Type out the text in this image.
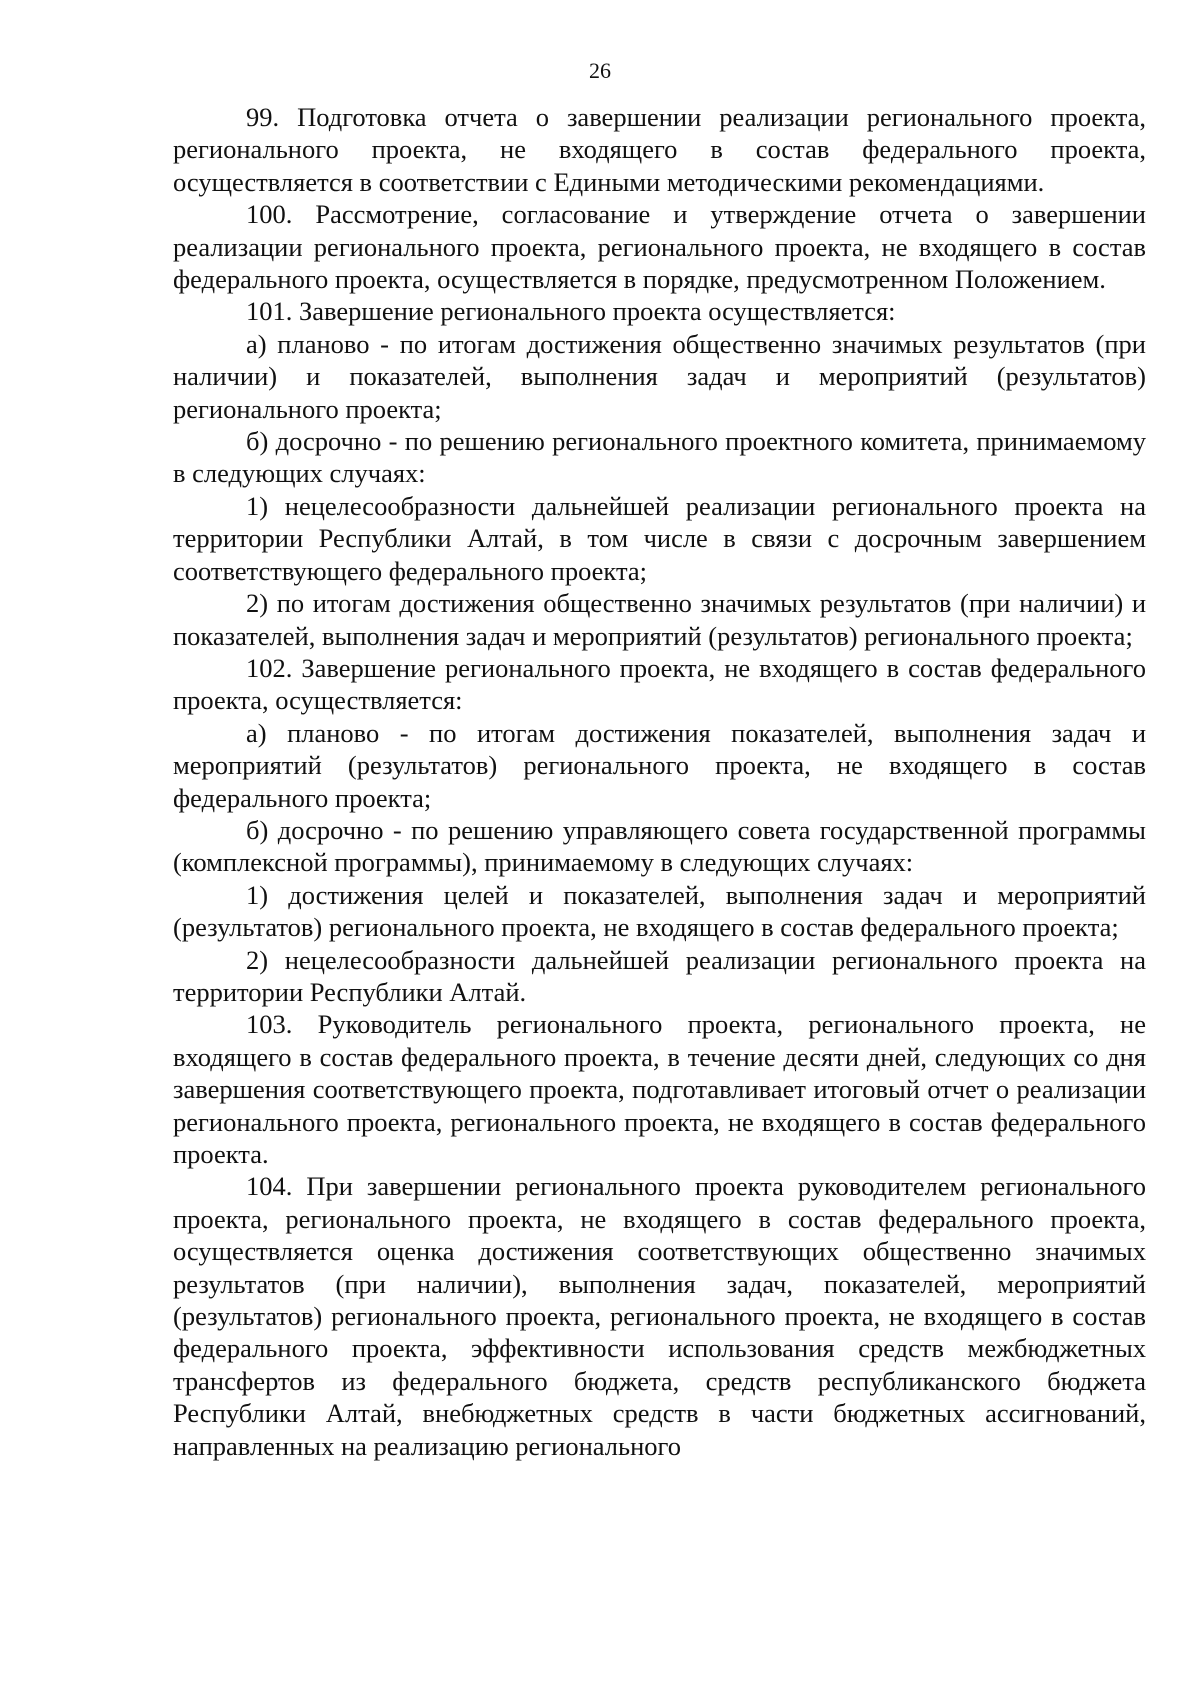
26

99. Подготовка отчета о завершении реализации регионального проекта, регионального проекта, не входящего в состав федерального проекта, осуществляется в соответствии с Едиными методическими рекомендациями.

100. Рассмотрение, согласование и утверждение отчета о завершении реализации регионального проекта, регионального проекта, не входящего в состав федерального проекта, осуществляется в порядке, предусмотренном Положением.

101. Завершение регионального проекта осуществляется:

а) планово - по итогам достижения общественно значимых результатов (при наличии) и показателей, выполнения задач и мероприятий (результатов) регионального проекта;

б) досрочно - по решению регионального проектного комитета, принимаемому в следующих случаях:

1) нецелесообразности дальнейшей реализации регионального проекта на территории Республики Алтай, в том числе в связи с досрочным завершением соответствующего федерального проекта;

2) по итогам достижения общественно значимых результатов (при наличии) и показателей, выполнения задач и мероприятий (результатов) регионального проекта;

102. Завершение регионального проекта, не входящего в состав федерального проекта, осуществляется:

а) планово - по итогам достижения показателей, выполнения задач и мероприятий (результатов) регионального проекта, не входящего в состав федерального проекта;

б) досрочно - по решению управляющего совета государственной программы (комплексной программы), принимаемому в следующих случаях:

1) достижения целей и показателей, выполнения задач и мероприятий (результатов) регионального проекта, не входящего в состав федерального проекта;

2) нецелесообразности дальнейшей реализации регионального проекта на территории Республики Алтай.

103. Руководитель регионального проекта, регионального проекта, не входящего в состав федерального проекта, в течение десяти дней, следующих со дня завершения соответствующего проекта, подготавливает итоговый отчет о реализации регионального проекта, регионального проекта, не входящего в состав федерального проекта.

104. При завершении регионального проекта руководителем регионального проекта, регионального проекта, не входящего в состав федерального проекта, осуществляется оценка достижения соответствующих общественно значимых результатов (при наличии), выполнения задач, показателей, мероприятий (результатов) регионального проекта, регионального проекта, не входящего в состав федерального проекта, эффективности использования средств межбюджетных трансфертов из федерального бюджета, средств республиканского бюджета Республики Алтай, внебюджетных средств в части бюджетных ассигнований, направленных на реализацию регионального
